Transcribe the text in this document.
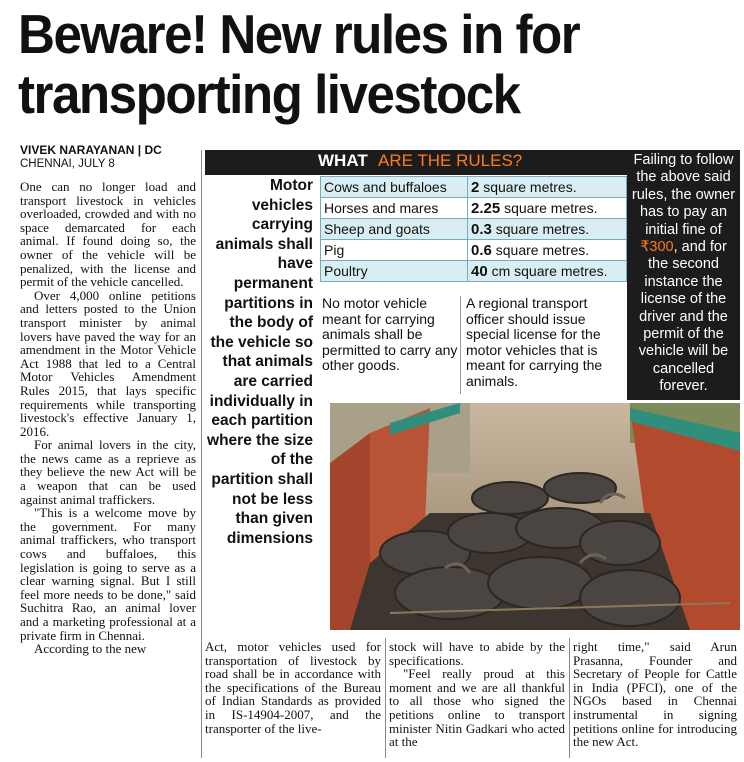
Beware! New rules in for
transporting livestock
VIVEK NARAYANAN | DC
CHENNAI, JULY 8

One can no longer load and transport livestock in vehicles overloaded, crowded and with no space demarcated for each animal. If found doing so, the owner of the vehicle will be penalized, with the license and permit of the vehicle cancelled.

Over 4,000 online petitions and letters posted to the Union transport minister by animal lovers have paved the way for an amendment in the Motor Vehicle Act 1988 that led to a Central Motor Vehicles Amendment Rules 2015, that lays specific requirements while transporting livestock's effective January 1, 2016.

For animal lovers in the city, the news came as a reprieve as they believe the new Act will be a weapon that can be used against animal traffickers.

"This is a welcome move by the government. For many animal traffickers, who transport cows and buffaloes, this legislation is going to serve as a clear warning signal. But I still feel more needs to be done," said Suchitra Rao, an animal lover and a marketing professional at a private firm in Chennai.

According to the new

WHAT ARE THE RULES?
Motor vehicles carrying animals shall have permanent partitions in the body of the vehicle so that animals are carried individually in each partition where the size of the partition shall not be less than given dimensions
Cows and buffaloes	2 square metres.
Horses and mares	2.25 square metres.
Sheep and goats	0.3 square metres.
Pig	0.6 square metres.
Poultry	40 cm square metres.
No motor vehicle meant for carrying animals shall be permitted to carry any other goods.
A regional transport officer should issue special license for the motor vehicles that is meant for carrying the animals.
Failing to follow the above said rules, the owner has to pay an initial fine of ₹300, and for the second instance the license of the driver and the permit of the vehicle will be cancelled forever.

Act, motor vehicles used for transportation of livestock by road shall be in accordance with the specifications of the Bureau of Indian Standards as provided in IS-14904-2007, and the transporter of the live-

stock will have to abide by the specifications.

"Feel really proud at this moment and we are all thankful to all those who signed the petitions online to transport minister Nitin Gadkari who acted at the

right time," said Arun Prasanna, Founder and Secretary of People for Cattle in India (PFCI), one of the NGOs based in Chennai instrumental in signing petitions online for introducing the new Act.
